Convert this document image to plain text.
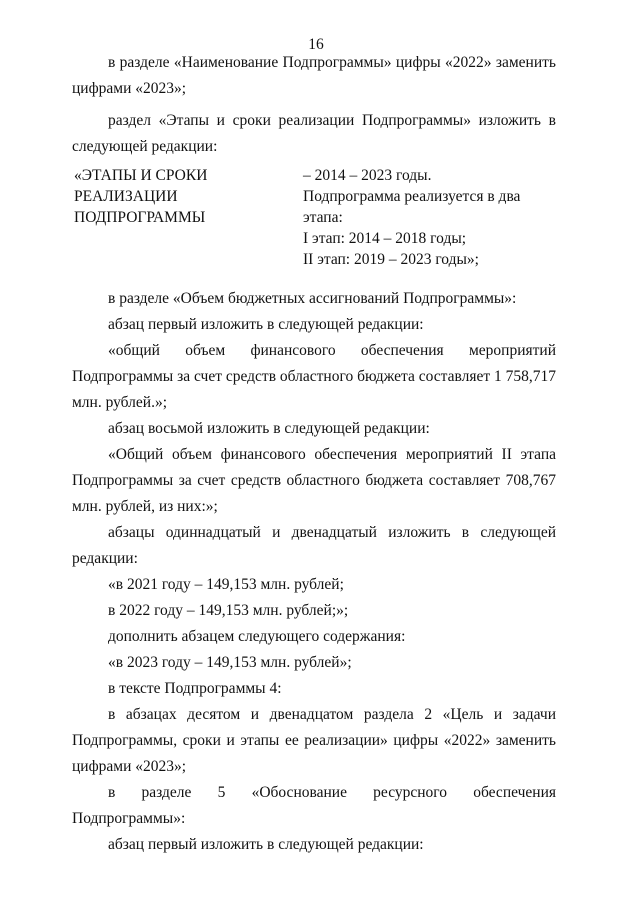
16

в разделе «Наименование Подпрограммы» цифры «2022» заменить цифрами «2023»;

раздел «Этапы и сроки реализации Подпрограммы» изложить в следующей редакции:

«ЭТАПЫ И СРОКИ
РЕАЛИЗАЦИИ
ПОДПРОГРАММЫ
– 2014 – 2023 годы.
Подпрограмма реализуется в два этапа:
I этап: 2014 – 2018 годы;
II этап: 2019 – 2023 годы»;

в разделе «Объем бюджетных ассигнований Подпрограммы»:

абзац первый изложить в следующей редакции:

«общий объем финансового обеспечения мероприятий Подпрограммы за счет средств областного бюджета составляет 1 758,717 млн. рублей.»;

абзац восьмой изложить в следующей редакции:

«Общий объем финансового обеспечения мероприятий II этапа Подпрограммы за счет средств областного бюджета составляет 708,767 млн. рублей, из них:»;

абзацы одиннадцатый и двенадцатый изложить в следующей редакции:

«в 2021 году – 149,153 млн. рублей;

в 2022 году – 149,153 млн. рублей;»;

дополнить абзацем следующего содержания:

«в 2023 году – 149,153 млн. рублей»;

в тексте Подпрограммы 4:

в абзацах десятом и двенадцатом раздела 2 «Цель и задачи Подпрограммы, сроки и этапы ее реализации» цифры «2022» заменить цифрами «2023»;

в разделе 5 «Обоснование ресурсного обеспечения Подпрограммы»:

абзац первый изложить в следующей редакции:
